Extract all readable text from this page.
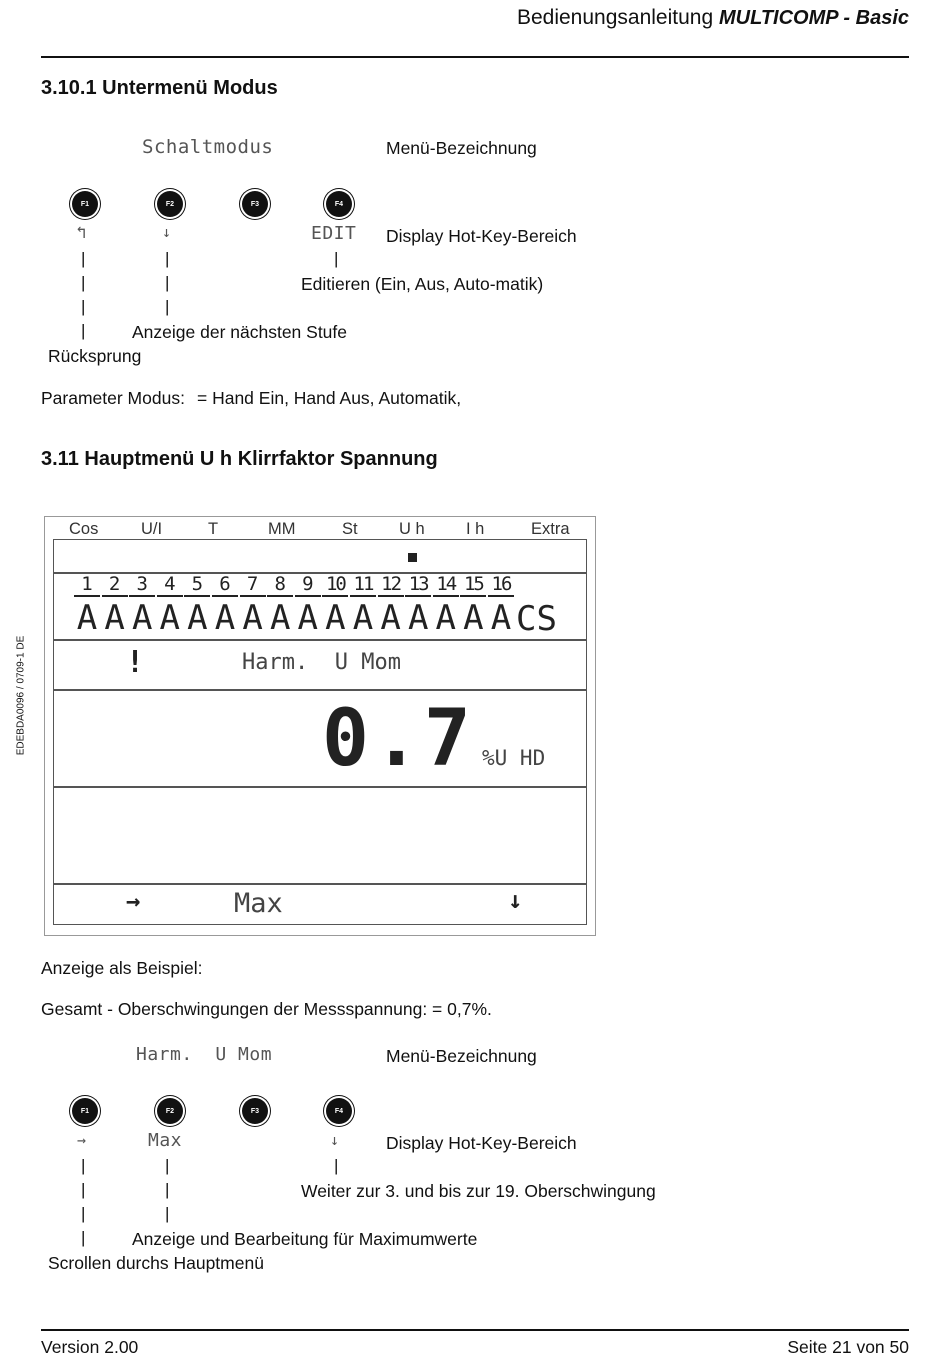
Bedienungsanleitung MULTICOMP - Basic
EDEBDA0096 / 0709-1 DE
3.10.1 Untermenü Modus
Schaltmodus	Menü-Bezeichnung
F1	F2	F3	F4
↰	↓	EDIT Display Hot-Key-Bereich
|	|	|
|	|	Editieren (Ein, Aus, Auto-matik)
|	|
|	Anzeige der nächsten Stufe
Rücksprung
Parameter Modus: = Hand Ein, Hand Aus, Automatik,
3.11 Hauptmenü U h Klirrfaktor Spannung
Cos	U/I	T	MM	St	U h	I h	Extra
1 2 3 4 5 6 7 8 9 10 11 12 13 14 15 16
A A A A A A A A A A A A A A A A CS
!	Harm.  U Mom
0.7 %U HD
→	Max	↓
Anzeige als Beispiel:
Gesamt - Oberschwingungen der Messspannung: = 0,7%.
Harm.  U Mom	Menü-Bezeichnung
F1	F2	F3	F4
→	Max	↓	Display Hot-Key-Bereich
|	|	|
|	|	Weiter zur 3. und bis zur 19. Oberschwingung
|	|
|	Anzeige und Bearbeitung für Maximumwerte
Scrollen durchs Hauptmenü
Version 2.00	Seite 21 von 50
